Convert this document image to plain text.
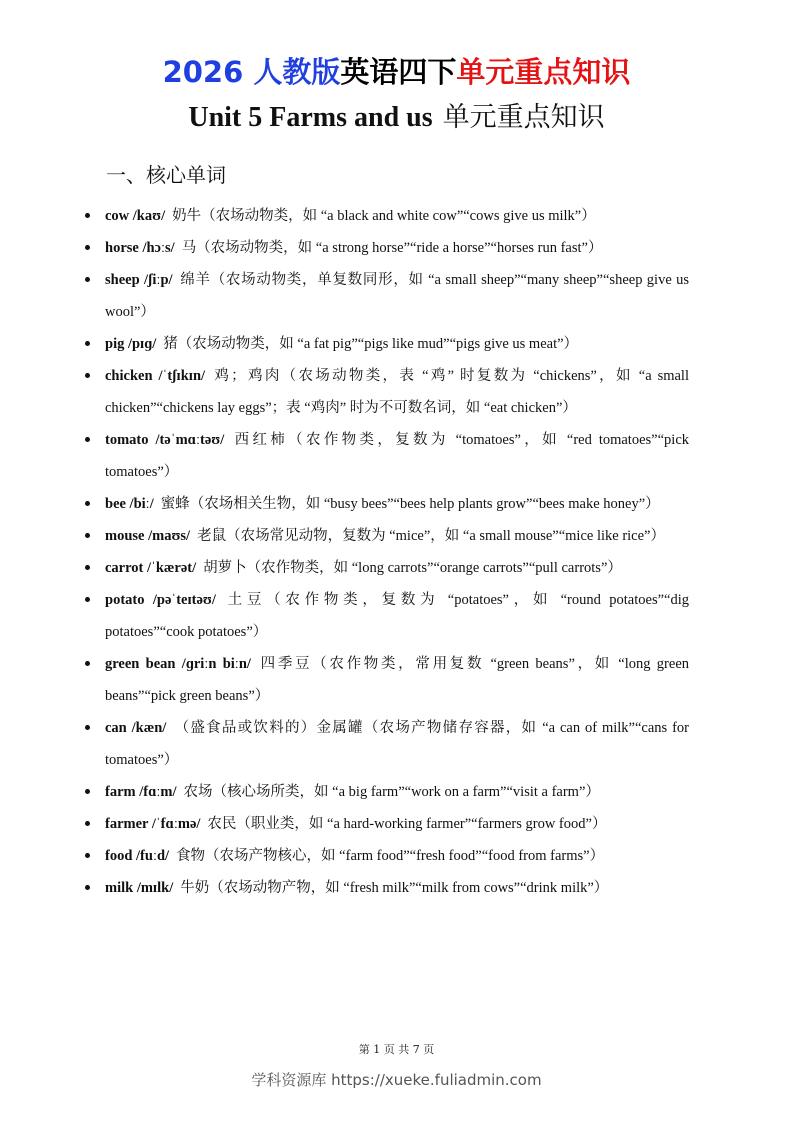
2026 人教版英语四下单元重点知识
Unit 5 Farms and us 单元重点知识
一、核心单词
cow /kaʊ/ 奶牛（农场动物类，如 “a black and white cow”“cows give us milk”）
horse /hɔːs/ 马（农场动物类，如 “a strong horse”“ride a horse”“horses run fast”）
sheep /ʃiːp/ 绵羊（农场动物类，单复数同形，如 “a small sheep”“many sheep”“sheep give us wool”）
pig /pɪɡ/ 猪（农场动物类，如 “a fat pig”“pigs like mud”“pigs give us meat”）
chicken /ˈtʃɪkɪn/ 鸡；鸡肉（农场动物类，表 “鸡” 时复数为 “chickens”，如 “a small chicken”“chickens lay eggs”；表 “鸡肉” 时为不可数名词，如 “eat chicken”）
tomato /təˈmɑːtəʊ/ 西红柿（农作物类，复数为 “tomatoes”，如 “red tomatoes”“pick tomatoes”）
bee /biː/ 蜜蜂（农场相关生物，如 “busy bees”“bees help plants grow”“bees make honey”）
mouse /maʊs/ 老鼠（农场常见动物，复数为 “mice”，如 “a small mouse”“mice like rice”）
carrot /ˈkærət/ 胡萝卜（农作物类，如 “long carrots”“orange carrots”“pull carrots”）
potato /pəˈteɪtəʊ/ 土豆（农作物类，复数为 “potatoes”，如 “round potatoes”“dig potatoes”“cook potatoes”）
green bean /ɡriːn biːn/ 四季豆（农作物类，常用复数 “green beans”，如 “long green beans”“pick green beans”）
can /kæn/ （盛食品或饮料的）金属罐（农场产物储存容器，如 “a can of milk”“cans for tomatoes”）
farm /fɑːm/ 农场（核心场所类，如 “a big farm”“work on a farm”“visit a farm”）
farmer /ˈfɑːmə/ 农民（职业类，如 “a hard-working farmer”“farmers grow food”）
food /fuːd/ 食物（农场产物核心，如 “farm food”“fresh food”“food from farms”）
milk /mɪlk/ 牛奶（农场动物产物，如 “fresh milk”“milk from cows”“drink milk”）
第 1 页 共 7 页
学科资源库 https://xueke.fuliadmin.com
